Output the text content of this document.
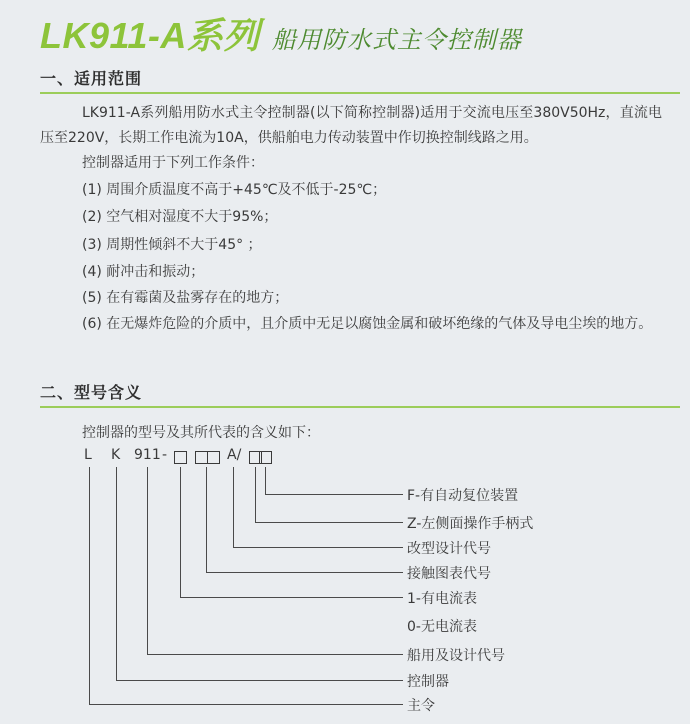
LK911-A系列 船用防水式主令控制器
一、适用范围
LK911-A系列船用防水式主令控制器(以下简称控制器)适用于交流电压至380V50Hz，直流电压至220V，长期工作电流为10A，供船舶电力传动装置中作切换控制线路之用。
控制器适用于下列工作条件：
(1) 周围介质温度不高于+45℃及不低于-25℃；
(2) 空气相对湿度不大于95%；
(3) 周期性倾斜不大于45° ；
(4) 耐冲击和振动；
(5) 在有霉菌及盐雾存在的地方；
(6) 在无爆炸危险的介质中，且介质中无足以腐蚀金属和破坏绝缘的气体及导电尘埃的地方。
二、型号含义
控制器的型号及其所代表的含义如下：
L K 911 -	A/
F-有自动复位装置
Z-左侧面操作手柄式
改型设计代号
接触图表代号
1-有电流表
0-无电流表
船用及设计代号
控制器
主令
